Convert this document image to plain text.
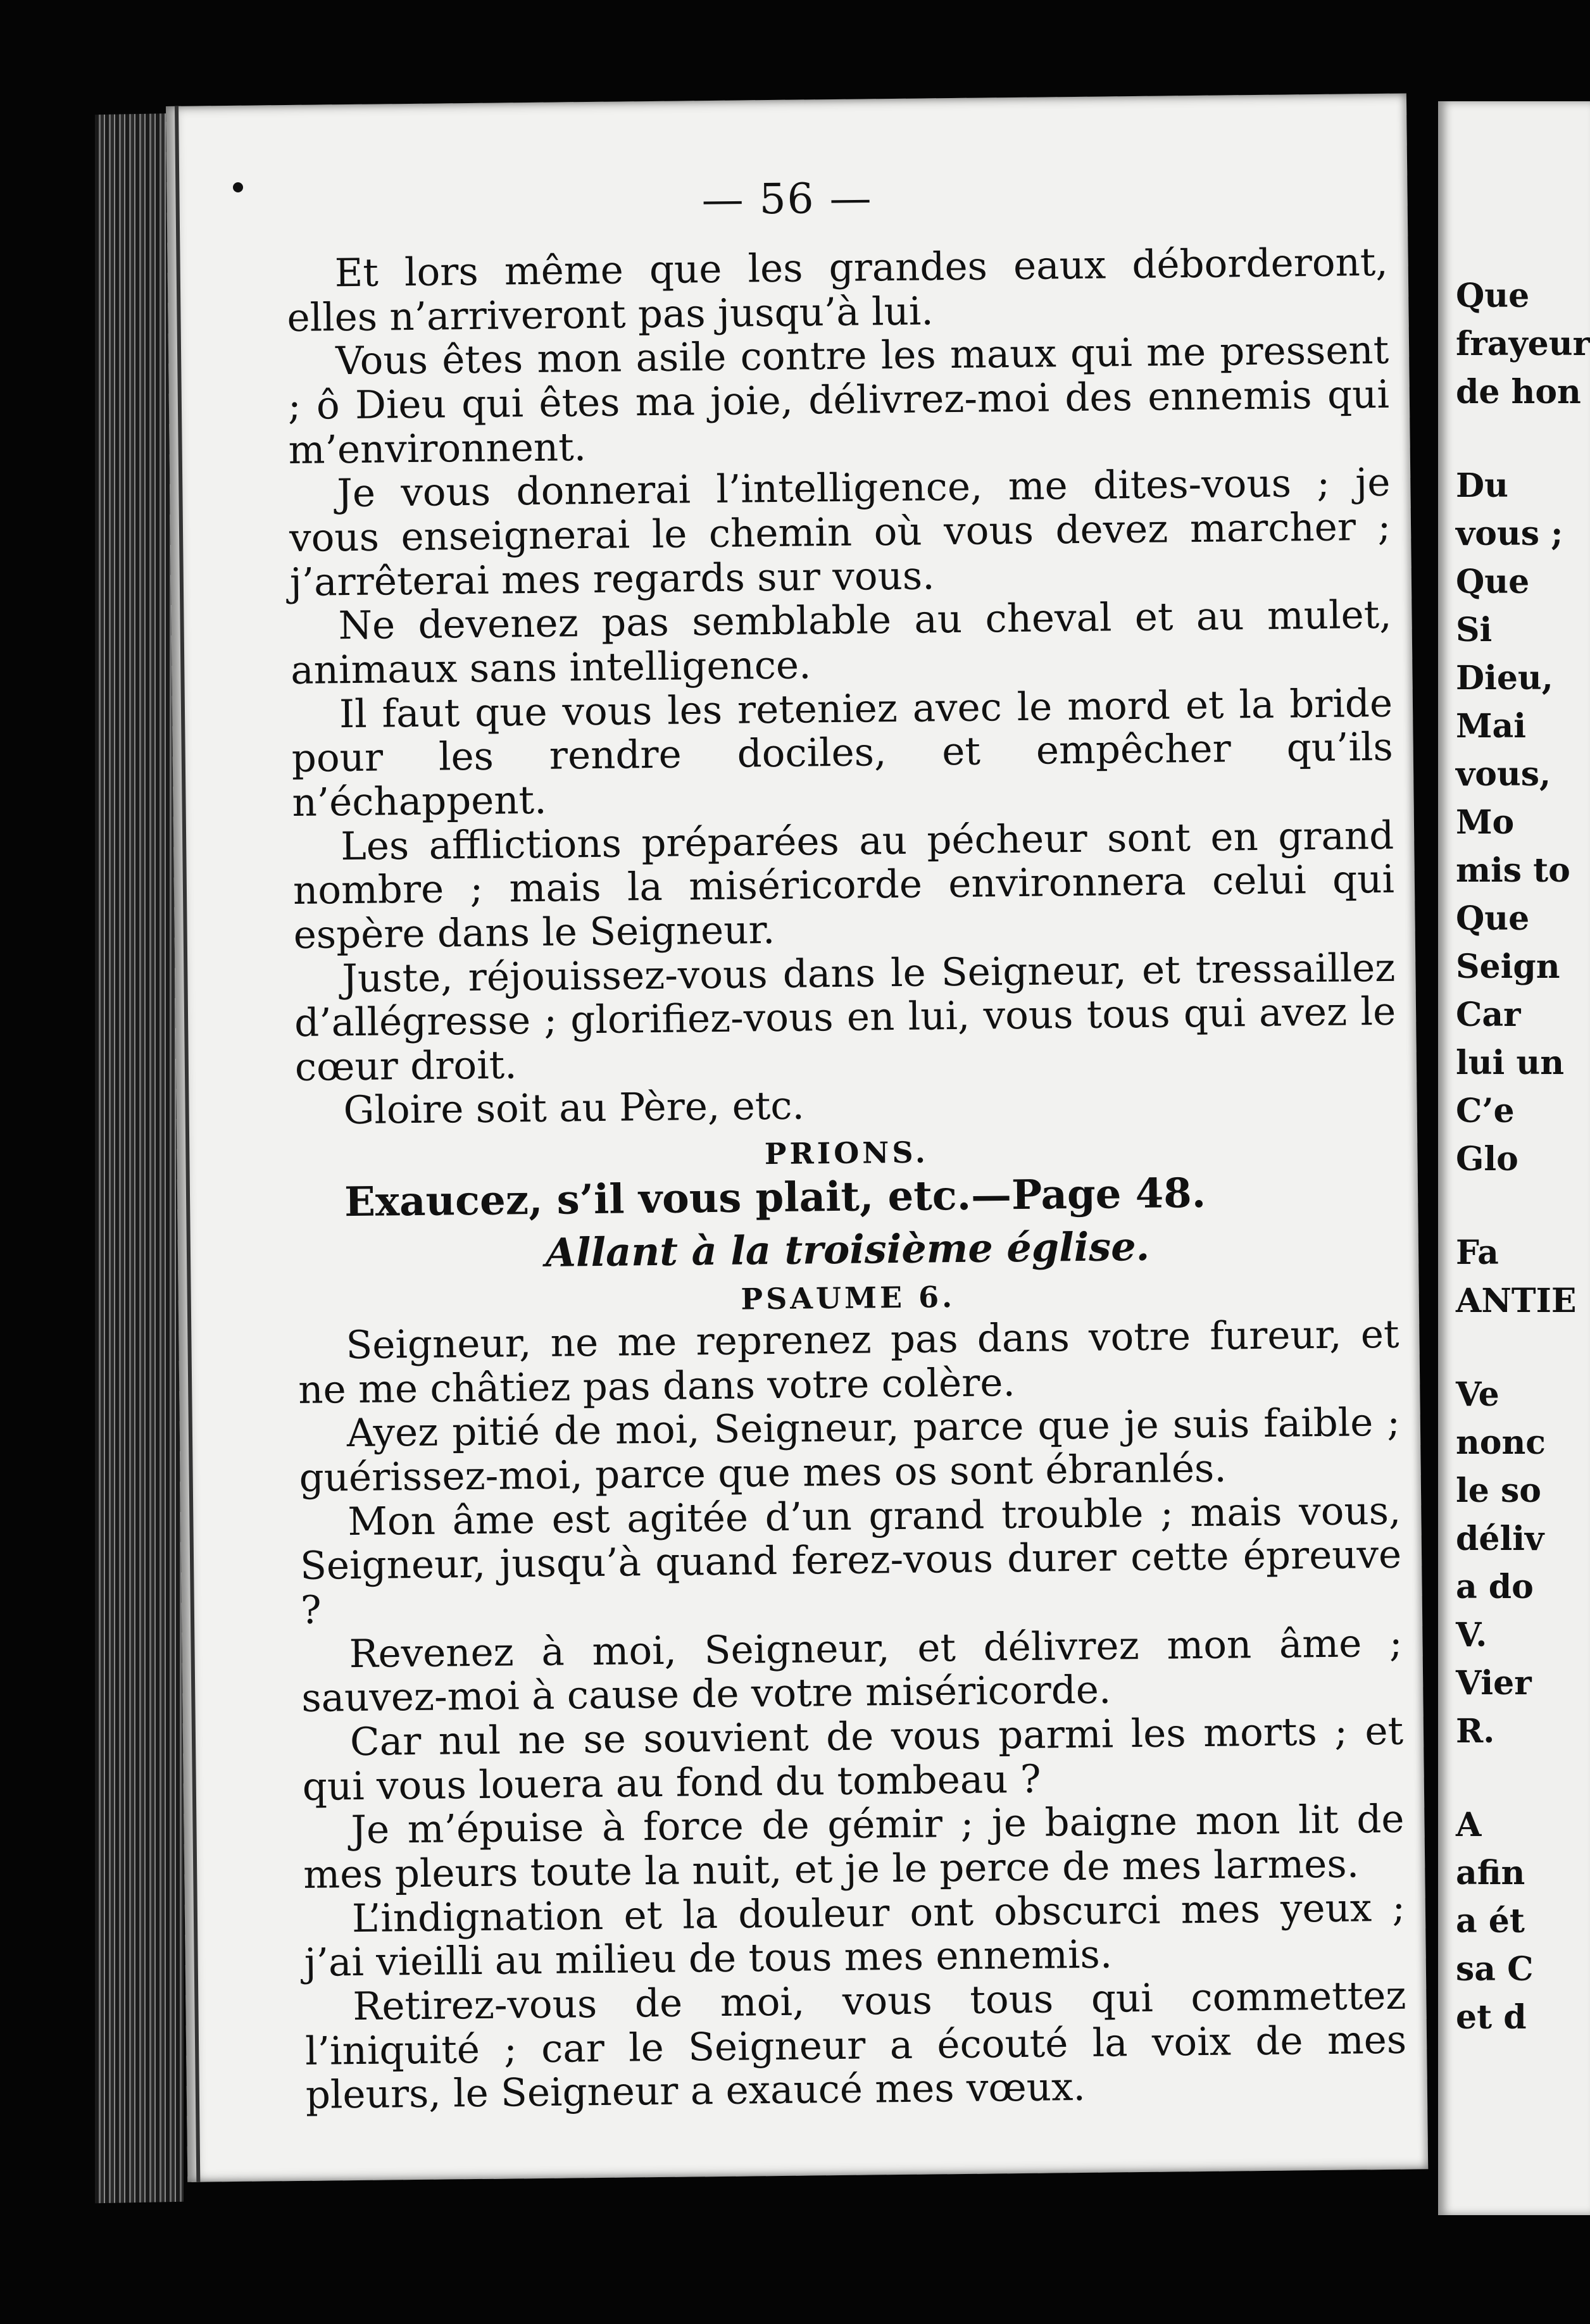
— 56 —

Et lors même que les grandes eaux déborderont, elles n’arriveront pas jusqu’à lui.

Vous êtes mon asile contre les maux qui me pressent ; ô Dieu qui êtes ma joie, délivrez-moi des ennemis qui m’environnent.

Je vous donnerai l’intelligence, me dites-vous ; je vous enseignerai le chemin où vous devez marcher ; j’arrêterai mes regards sur vous.

Ne devenez pas semblable au cheval et au mulet, animaux sans intelligence.

Il faut que vous les reteniez avec le mord et la bride pour les rendre dociles, et empêcher qu’ils n’échappent.

Les afflictions préparées au pécheur sont en grand nombre ; mais la miséricorde environnera celui qui espère dans le Seigneur.

Juste, réjouissez-vous dans le Seigneur, et tressaillez d’allégresse ; glorifiez-vous en lui, vous tous qui avez le cœur droit.

Gloire soit au Père, etc.

PRIONS.

Exaucez, s’il vous plait, etc.—Page 48.

Allant à la troisième église.
PSAUME 6.

Seigneur, ne me reprenez pas dans votre fureur, et ne me châtiez pas dans votre colère.

Ayez pitié de moi, Seigneur, parce que je suis faible ; guérissez-moi, parce que mes os sont ébranlés.

Mon âme est agitée d’un grand trouble ; mais vous, Seigneur, jusqu’à quand ferez-vous durer cette épreuve ?

Revenez à moi, Seigneur, et délivrez mon âme ; sauvez-moi à cause de votre miséricorde.

Car nul ne se souvient de vous parmi les morts ; et qui vous louera au fond du tombeau ?

Je m’épuise à force de gémir ; je baigne mon lit de mes pleurs toute la nuit, et je le perce de mes larmes.

L’indignation et la douleur ont obscurci mes yeux ; j’ai vieilli au milieu de tous mes ennemis.

Retirez-vous de moi, vous tous qui commettez l’iniquité ; car le Seigneur a écouté la voix de mes pleurs, le Seigneur a exaucé mes vœux.

Que
frayeur
de hon
Du
vous ;
Que
Si
Dieu,
Mai
vous,
Mo
mis to
Que
Seign
Car
lui un
C’e
Glo
Fa
ANTIE
Ve
nonc
le so
déliv
a do
V.
Vier
R.
A
afin
a ét
sa C
et d
